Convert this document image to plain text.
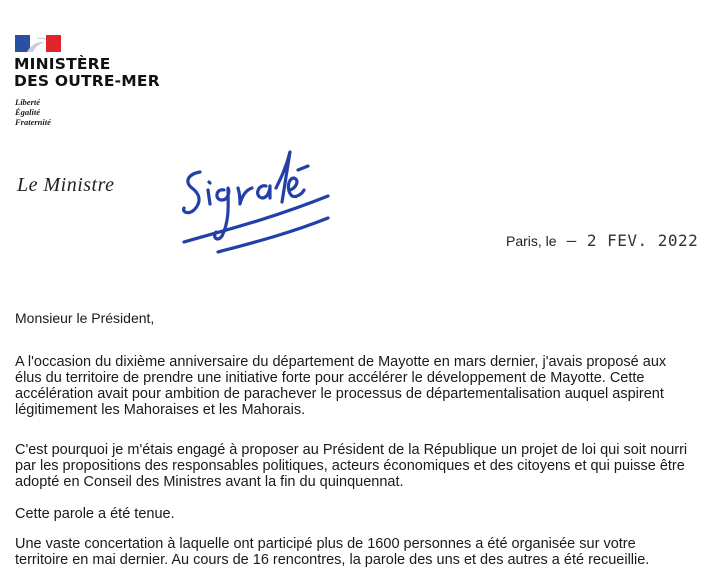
MINISTÈRE
DES OUTRE-MER
Liberté
Égalité
Fraternité
Le Ministre
Paris, le – 2 FEV. 2022
Monsieur le Président,

A l'occasion du dixième anniversaire du département de Mayotte en mars dernier, j'avais proposé aux
élus du territoire de prendre une initiative forte pour accélérer le développement de Mayotte. Cette
accélération avait pour ambition de parachever le processus de départementalisation auquel aspirent
légitimement les Mahoraises et les Mahorais.

C'est pourquoi je m'étais engagé à proposer au Président de la République un projet de loi qui soit nourri
par les propositions des responsables politiques, acteurs économiques et des citoyens et qui puisse être
adopté en Conseil des Ministres avant la fin du quinquennat.

Cette parole a été tenue.

Une vaste concertation à laquelle ont participé plus de 1600 personnes a été organisée sur votre
territoire en mai dernier. Au cours de 16 rencontres, la parole des uns et des autres a été recueillie.
